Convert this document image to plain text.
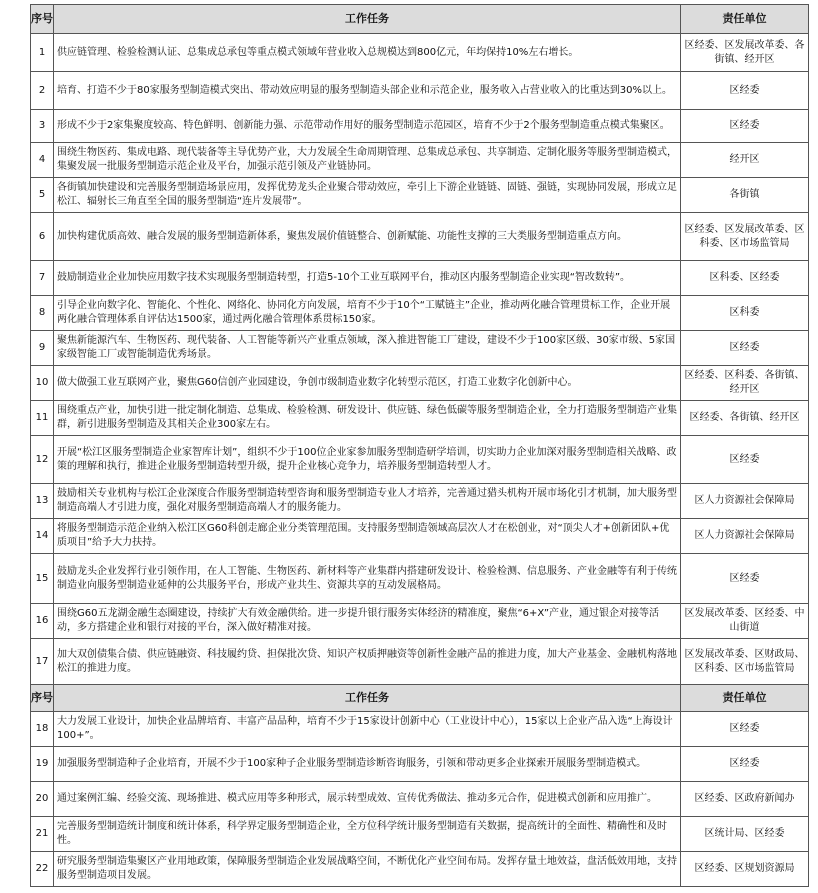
序号	工作任务	责任单位
1	供应链管理、检验检测认证、总集成总承包等重点模式领域年营业收入总规模达到800亿元，年均保持10%左右增长。	区经委、区发展改革委、各街镇、经开区
2	培育、打造不少于80家服务型制造模式突出、带动效应明显的服务型制造头部企业和示范企业，服务收入占营业收入的比重达到30%以上。	区经委
3	形成不少于2家集聚度较高、特色鲜明、创新能力强、示范带动作用好的服务型制造示范园区，培育不少于2个服务型制造重点模式集聚区。	区经委
4	围绕生物医药、集成电路、现代装备等主导优势产业，大力发展全生命周期管理、总集成总承包、共享制造、定制化服务等服务型制造模式，集聚发展一批服务型制造示范企业及平台，加强示范引领及产业链协同。	经开区
5	各街镇加快建设和完善服务型制造场景应用，发挥优势龙头企业聚合带动效应，牵引上下游企业链链、固链、强链，实现协同发展，形成立足松江、辐射长三角直至全国的服务型制造“连片发展带”。	各街镇
6	加快构建优质高效、融合发展的服务型制造新体系，聚焦发展价值链整合、创新赋能、功能性支撑的三大类服务型制造重点方向。	区经委、区发展改革委、区科委、区市场监管局
7	鼓励制造业企业加快应用数字技术实现服务型制造转型，打造5-10个工业互联网平台，推动区内服务型制造企业实现“智改数转”。	区科委、区经委
8	引导企业向数字化、智能化、个性化、网络化、协同化方向发展，培育不少于10个“工赋链主”企业，推动两化融合管理贯标工作，企业开展两化融合管理体系自评估达1500家，通过两化融合管理体系贯标150家。	区科委
9	聚焦新能源汽车、生物医药、现代装备、人工智能等新兴产业重点领域，深入推进智能工厂建设，建设不少于100家区级、30家市级、5家国家级智能工厂或智能制造优秀场景。	区经委
10	做大做强工业互联网产业，聚焦G60信创产业园建设，争创市级制造业数字化转型示范区，打造工业数字化创新中心。	区经委、区科委、各街镇、经开区
11	围绕重点产业，加快引进一批定制化制造、总集成、检验检测、研发设计、供应链、绿色低碳等服务型制造企业，全力打造服务型制造产业集群，新引进服务型制造及其相关企业300家左右。	区经委、各街镇、经开区
12	开展“松江区服务型制造企业家智库计划”，组织不少于100位企业家参加服务型制造研学培训，切实助力企业加深对服务型制造相关战略、政策的理解和执行，推进企业服务型制造转型升级，提升企业核心竞争力，培养服务型制造转型人才。	区经委
13	鼓励相关专业机构与松江企业深度合作服务型制造转型咨询和服务型制造专业人才培养，完善通过猎头机构开展市场化引才机制，加大服务型制造高端人才引进力度，强化对服务型制造高端人才的服务能力。	区人力资源社会保障局
14	将服务型制造示范企业纳入松江区G60科创走廊企业分类管理范围。支持服务型制造领域高层次人才在松创业，对“顶尖人才+创新团队+优质项目”给予大力扶持。	区人力资源社会保障局
15	鼓励龙头企业发挥行业引领作用，在人工智能、生物医药、新材料等产业集群内搭建研发设计、检验检测、信息服务、产业金融等有利于传统制造业向服务型制造业延伸的公共服务平台，形成产业共生、资源共享的互动发展格局。	区经委
16	围绕G60五龙湖金融生态圈建设，持续扩大有效金融供给。进一步提升银行服务实体经济的精准度，聚焦“6+X”产业，通过银企对接等活动，多方搭建企业和银行对接的平台，深入做好精准对接。	区发展改革委、区经委、中山街道
17	加大双创债集合债、供应链融资、科技履约贷、担保批次贷、知识产权质押融资等创新性金融产品的推进力度，加大产业基金、金融机构落地松江的推进力度。	区发展改革委、区财政局、区科委、区市场监管局
序号	工作任务	责任单位
18	大力发展工业设计，加快企业品牌培育、丰富产品品种，培育不少于15家设计创新中心（工业设计中心），15家以上企业产品入选“上海设计100+”。	区经委
19	加强服务型制造种子企业培育，开展不少于100家种子企业服务型制造诊断咨询服务，引领和带动更多企业探索开展服务型制造模式。	区经委
20	通过案例汇编、经验交流、现场推进、模式应用等多种形式，展示转型成效、宣传优秀做法、推动多元合作，促进模式创新和应用推广。	区经委、区政府新闻办
21	完善服务型制造统计制度和统计体系，科学界定服务型制造企业，全方位科学统计服务型制造有关数据，提高统计的全面性、精确性和及时性。	区统计局、区经委
22	研究服务型制造集聚区产业用地政策，保障服务型制造企业发展战略空间，不断优化产业空间布局。发挥存量土地效益，盘活低效用地，支持服务型制造项目发展。	区经委、区规划资源局
